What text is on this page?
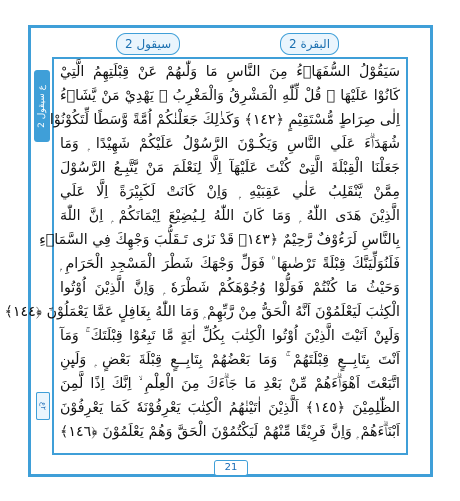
سيقول 2	البقرة 2
ع سيقول 2
٢ع
سَيَقُوْلُ السُّفَهَاۗءُ مِنَ النَّاسِ مَا وَلّٰىهُمْ عَنْ قِبْلَتِهِمُ الَّتِيْ
كَانُوْا عَلَيْهَا ۭ قُلْ لِّلّٰهِ الْمَشْرِقُ وَالْمَغْرِبُ ۭ يَهْدِيْ مَنْ يَّشَاۗءُ
اِلٰى صِرَاطٍ مُّسْتَقِيْمٍ ﴿١٤٢﴾ وَكَذٰلِكَ جَعَلْنٰكُمْ اُمَّةً وَّسَطًا لِّتَكُوْنُوْا
شُهَدَاۗءَ عَلَي النَّاسِ وَيَكُـوْنَ الرَّسُوْلُ عَلَيْكُمْ شَهِيْدًا ۭ وَمَا
جَعَلْنَا الْقِبْلَةَ الَّتِىْ كُنْتَ عَلَيْهَآ اِلَّا لِنَعْلَمَ مَنْ يَّتَّبِـعُ الرَّسُوْلَ
مِمَّنْ يَّنْقَلِبُ عَلٰي عَقِبَيْهِ ۭ وَاِنْ كَانَتْ لَكَبِيْرَةً اِلَّا عَلَي
الَّذِيْنَ ھَدَى اللّٰهُ ۭ وَمَا كَانَ اللّٰهُ لِـيُضِيْعَ اِيْمَانَكُمْ ۭ اِنَّ اللّٰهَ
بِالنَّاسِ لَرَءُوْفٌ رَّحِيْمٌ ﴿١٤٣﴾ قَدْ نَرٰى تَـقَلُّبَ وَجْهِكَ فِي السَّمَاۗءِ
فَلَنُوَلِّيَنَّكَ قِبْلَةً تَرْضٰىھَا ۠ فَوَلِّ وَجْهَكَ شَطْرَ الْمَسْجِدِ الْحَرَامِ ۭ
وَحَيْثُ مَا كُنْتُمْ فَوَلُّوْا وُجُوْھَكُمْ شَطْرَهٗ ۭ وَاِنَّ الَّذِيْنَ اُوْتُوا
الْكِتٰبَ لَيَعْلَمُوْنَ اَنَّهُ الْحَقُّ مِنْ رَّبِّهِمْ ۭ وَمَا اللّٰهُ بِغَافِلٍ عَمَّا يَعْمَلُوْنَ ﴿١٤٤﴾
وَلَىِٕنْ اَتَيْتَ الَّذِيْنَ اُوْتُوا الْكِتٰبَ بِكُلِّ اٰيَةٍ مَّا تَبِعُوْا قِبْلَتَكَ ۚ وَمَآ
اَنْتَ بِتَابِــعٍ قِبْلَتَهُمْ ۚ وَمَا بَعْضُهُمْ بِتَابِــعٍ قِبْلَةَ بَعْضٍ ۭ وَلَىِٕنِ
اتَّبَعْتَ اَھْوَاۗءَھُمْ مِّنْ بَعْدِ مَا جَاۗءَكَ مِنَ الْعِلْمِ ۙ اِنَّكَ اِذًا لَّمِنَ
الظّٰلِمِيْنَ ﴿١٤٥﴾ اَلَّذِيْنَ اٰتَيْنٰھُمُ الْكِتٰبَ يَعْرِفُوْنَهٗ كَمَا يَعْرِفُوْنَ
اَبْنَاۗءَھُمْ ۭ وَاِنَّ فَرِيْقًا مِّنْهُمْ لَيَكْتُمُوْنَ الْحَقَّ وَھُمْ يَعْلَمُوْنَ ﴿١٤٦﴾
21
